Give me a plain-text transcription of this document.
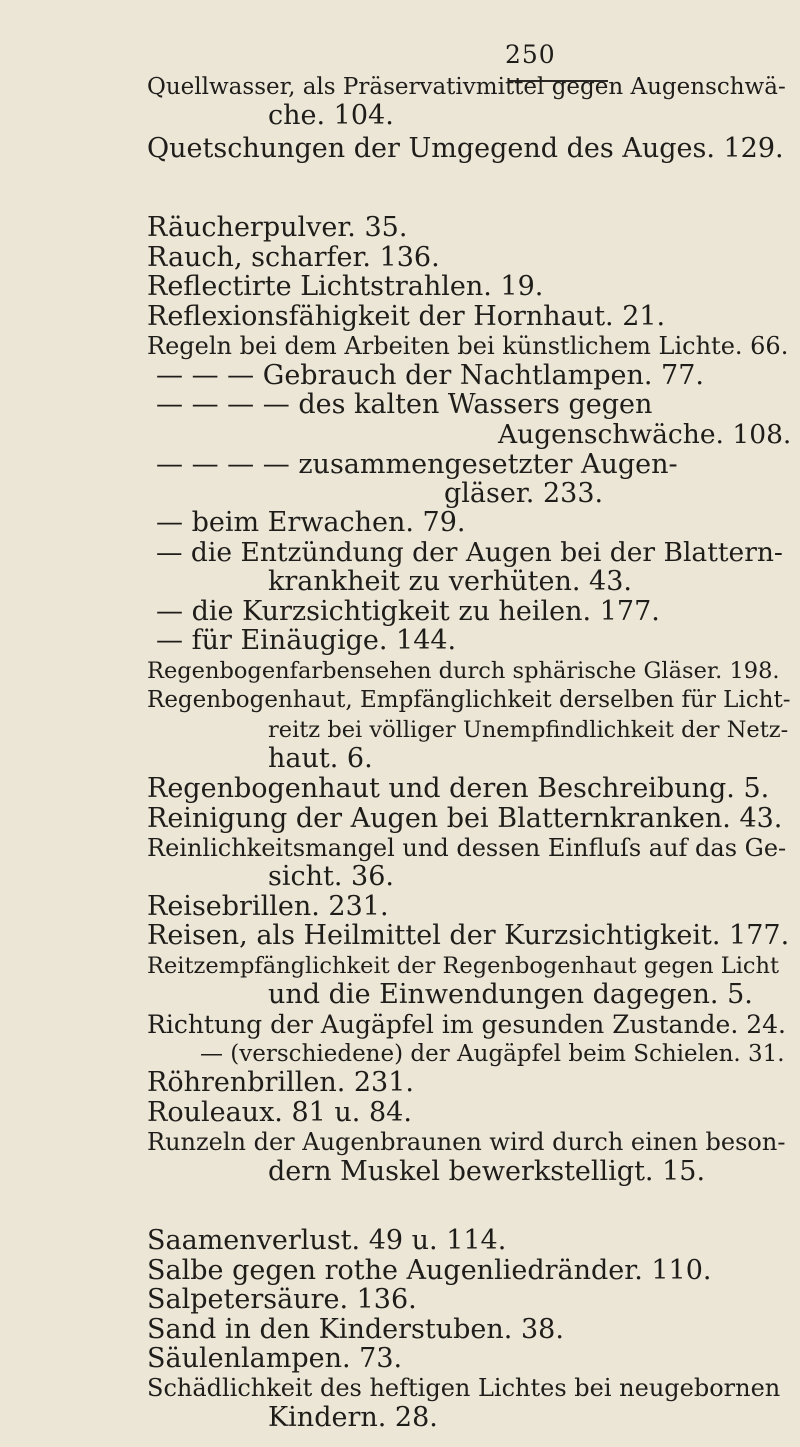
250
Quellwasser, als Präservativmittel gegen Augenschwä-
che. 104.
Quetschungen der Umgegend des Auges. 129.
Räucherpulver. 35.
Rauch, scharfer. 136.
Reflectirte Lichtstrahlen. 19.
Reflexionsfähigkeit der Hornhaut. 21.
Regeln bei dem Arbeiten bei künstlichem Lichte. 66.
— — — Gebrauch der Nachtlampen. 77.
— — — — des kalten Wassers gegen
Augenschwäche. 108.
— — — — zusammengesetzter Augen-
gläser. 233.
— beim Erwachen. 79.
— die Entzündung der Augen bei der Blattern-
krankheit zu verhüten. 43.
— die Kurzsichtigkeit zu heilen. 177.
— für Einäugige. 144.
Regenbogenfarbensehen durch sphärische Gläser. 198.
Regenbogenhaut, Empfänglichkeit derselben für Licht-
reitz bei völliger Unempfindlichkeit der Netz-
haut. 6.
Regenbogenhaut und deren Beschreibung. 5.
Reinigung der Augen bei Blatternkranken. 43.
Reinlichkeitsmangel und dessen Einfluſs auf das Ge-
sicht. 36.
Reisebrillen. 231.
Reisen, als Heilmittel der Kurzsichtigkeit. 177.
Reitzempfänglichkeit der Regenbogenhaut gegen Licht
und die Einwendungen dagegen. 5.
Richtung der Augäpfel im gesunden Zustande. 24.
— (verschiedene) der Augäpfel beim Schielen. 31.
Röhrenbrillen. 231.
Rouleaux. 81 u. 84.
Runzeln der Augenbraunen wird durch einen beson-
dern Muskel bewerkstelligt. 15.
Saamenverlust. 49 u. 114.
Salbe gegen rothe Augenliedränder. 110.
Salpetersäure. 136.
Sand in den Kinderstuben. 38.
Säulenlampen. 73.
Schädlichkeit des heftigen Lichtes bei neugebornen
Kindern. 28.
